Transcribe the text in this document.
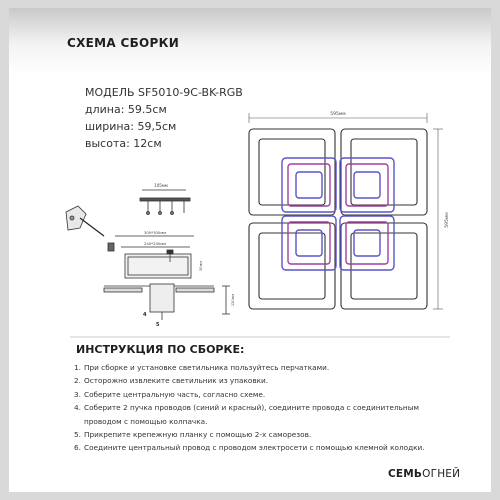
СХЕМА СБОРКИ
МОДЕЛЬ SF5010-9C-BK-RGB
длина: 59.5см
ширина: 59,5см
высота: 12см
595мм
595мм
105мм
300*300мм
240*240мм
30мм
120мм
4
5
ИНСТРУКЦИЯ ПО СБОРКЕ:
1. При сборке и установке светильника пользуйтесь перчатками.
2. Осторожно извлеките светильник из упаковки.
3. Соберите центральную часть, согласно схеме.
4. Соберите 2 пучка проводов (синий и красный), соедините провода с соединительным
проводом с помощью колпачка.
5. Прикрепите крепежную планку с помощью 2-х саморезов.
6. Соедините центральный провод с проводом электросети с помощью клемной колодки.
СЕМЬОГНЕЙ
